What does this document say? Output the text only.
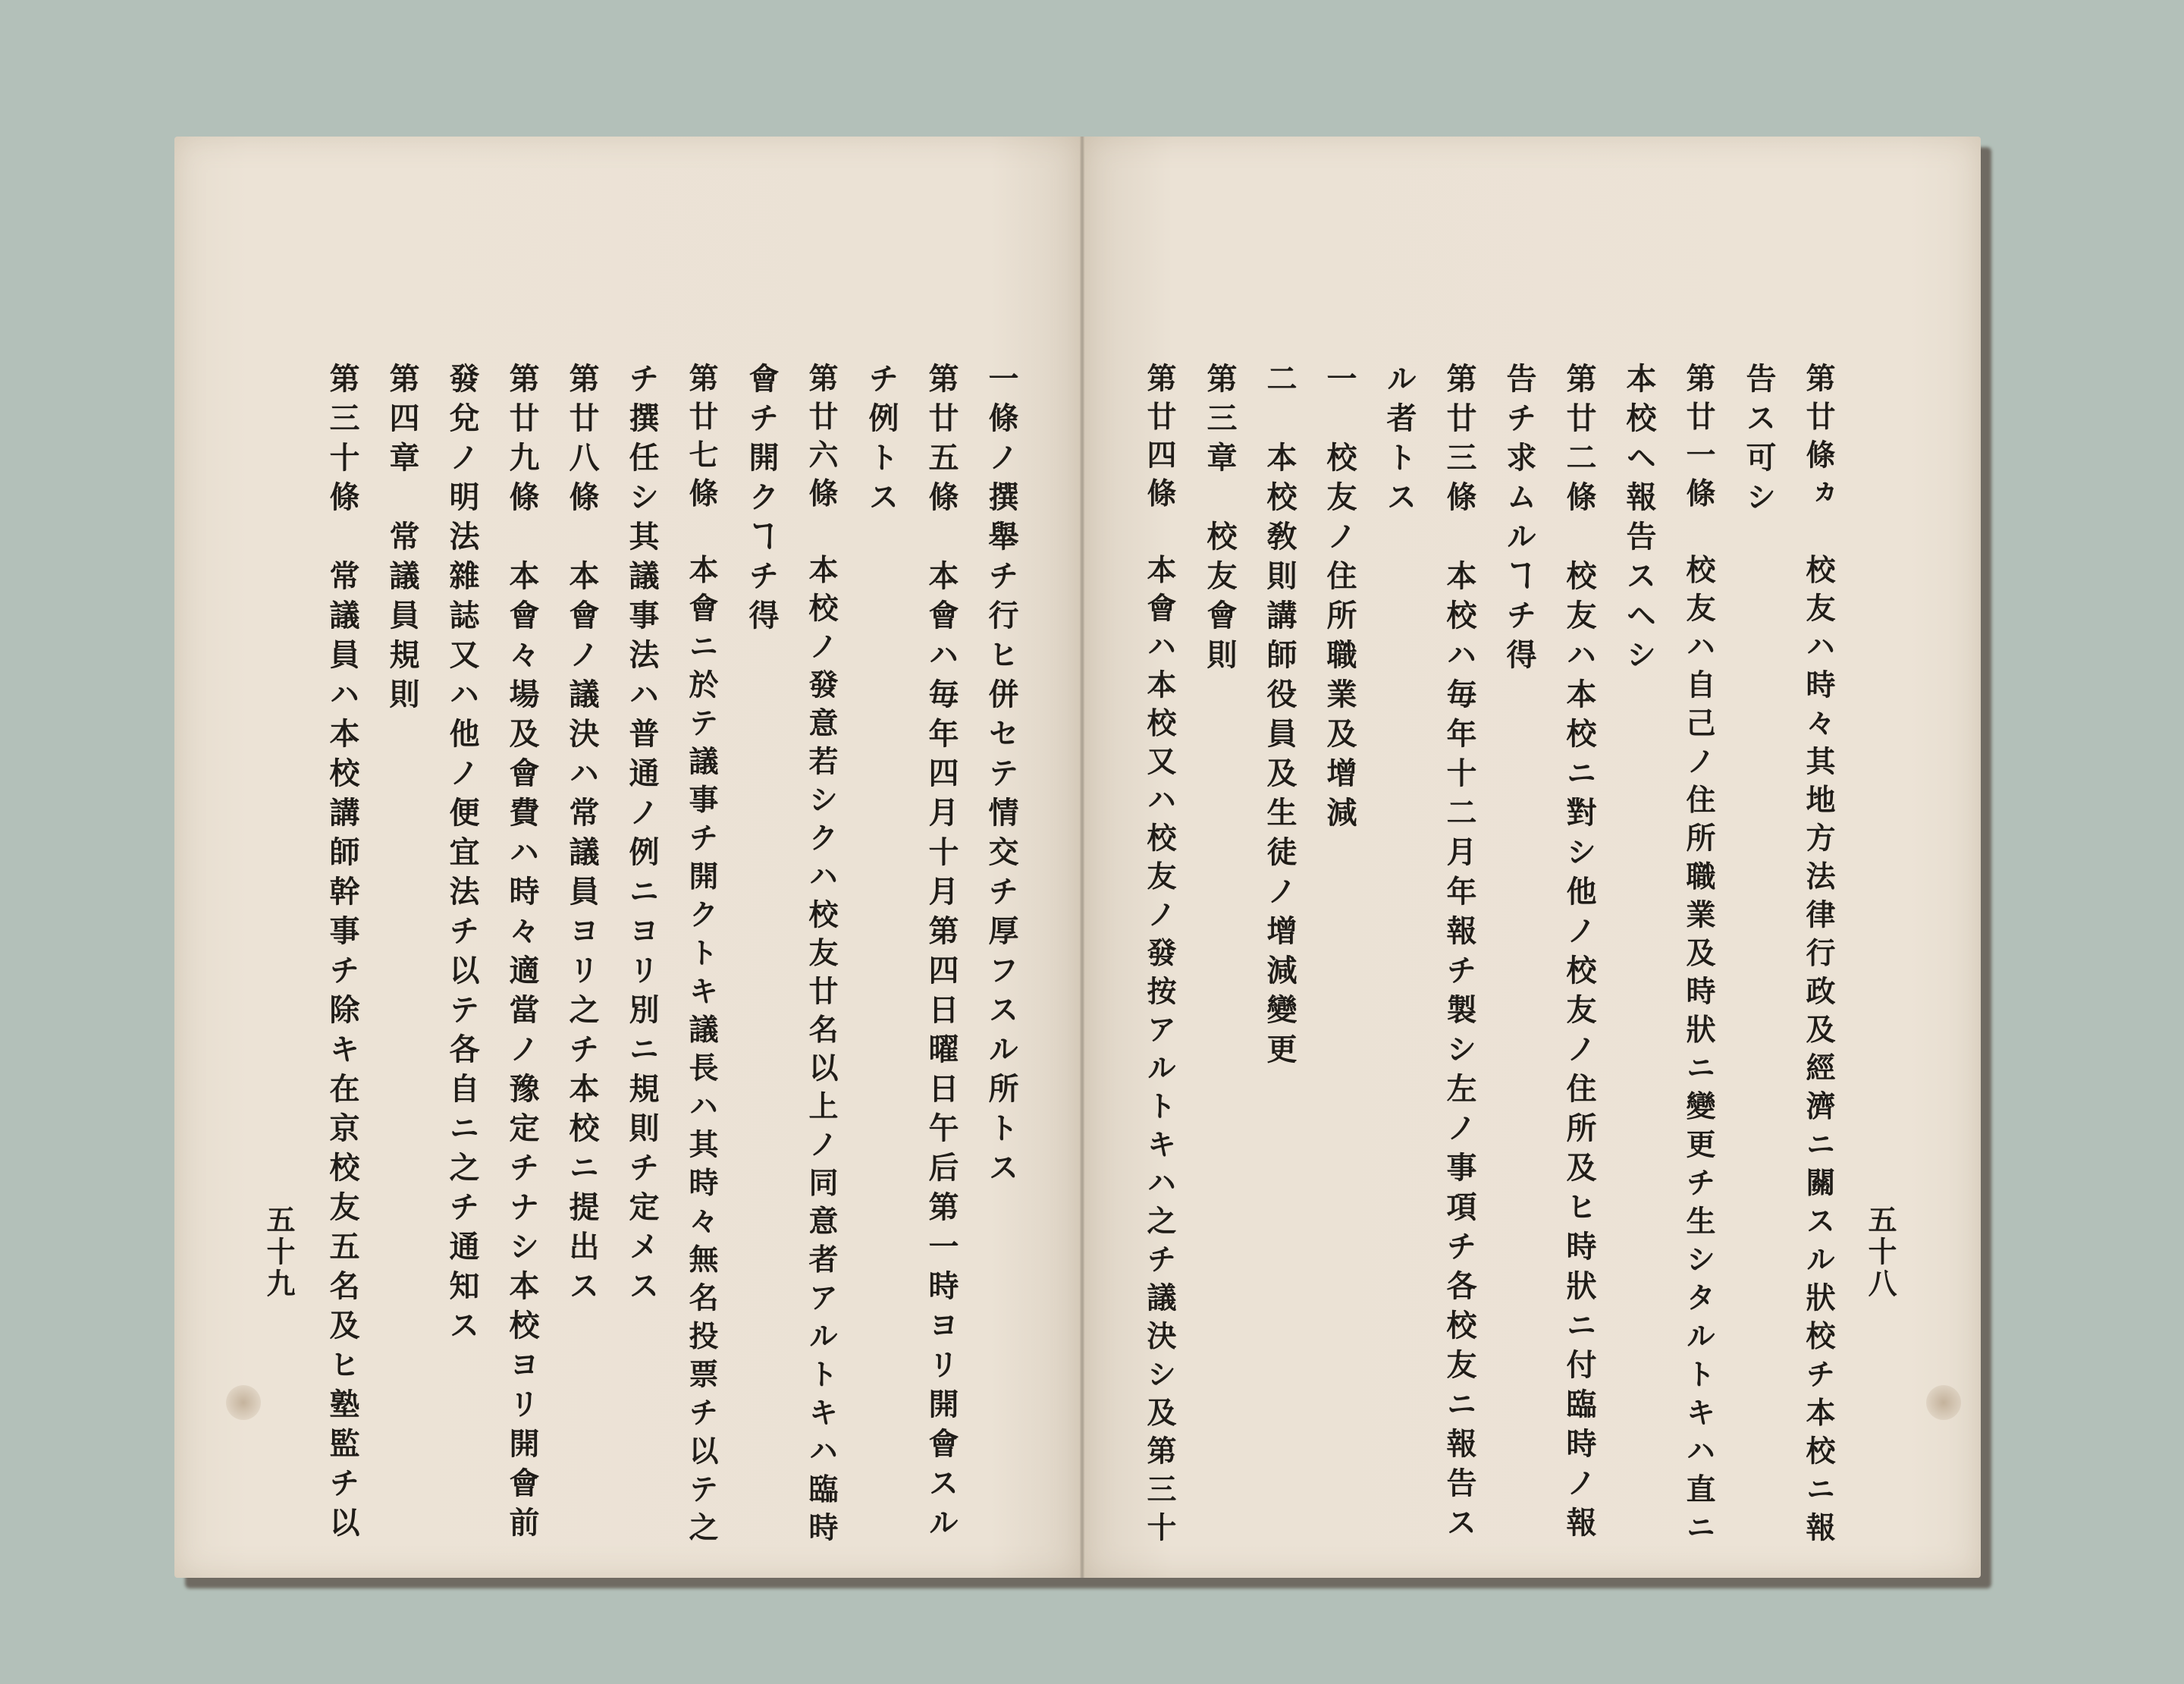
第廿條ヵ　校友ハ時々其地方法律行政及經濟ニ關スル狀校チ本校ニ報
告ス可シ
第廿一條　校友ハ自己ノ住所職業及時狀ニ變更チ生シタルトキハ直ニ
本校ヘ報告スヘシ
第廿二條　校友ハ本校ニ對シ他ノ校友ノ住所及ヒ時狀ニ付臨時ノ報
告チ求ムルヿチ得
第廿三條　本校ハ毎年十二月年報チ製シ左ノ事項チ各校友ニ報告ス
ル者トス
一　校友ノ住所職業及增減
二　本校敎則講師役員及生徒ノ增減變更
第三章　校友會則
第廿四條　本會ハ本校又ハ校友ノ發按アルトキハ之チ議決シ及第三十
一條ノ撰舉チ行ヒ併セテ情交チ厚フスル所トス
第廿五條　本會ハ毎年四月十月第四日曜日午后第一時ヨリ開會スル
チ例トス
第廿六條　本校ノ發意若シクハ校友廿名以上ノ同意者アルトキハ臨時
會チ開クヿチ得
第廿七條　本會ニ於テ議事チ開クトキ議長ハ其時々無名投票チ以テ之
チ撰任シ其議事法ハ普通ノ例ニヨリ別ニ規則チ定メス
第廿八條　本會ノ議決ハ常議員ヨリ之チ本校ニ提出ス
第廿九條　本會々場及會費ハ時々適當ノ豫定チナシ本校ヨリ開會前
發兌ノ明法雜誌又ハ他ノ便宜法チ以テ各自ニ之チ通知ス
第四章　常議員規則
第三十條　常議員ハ本校講師幹事チ除キ在京校友五名及ヒ塾監チ以	五十八
五十九
